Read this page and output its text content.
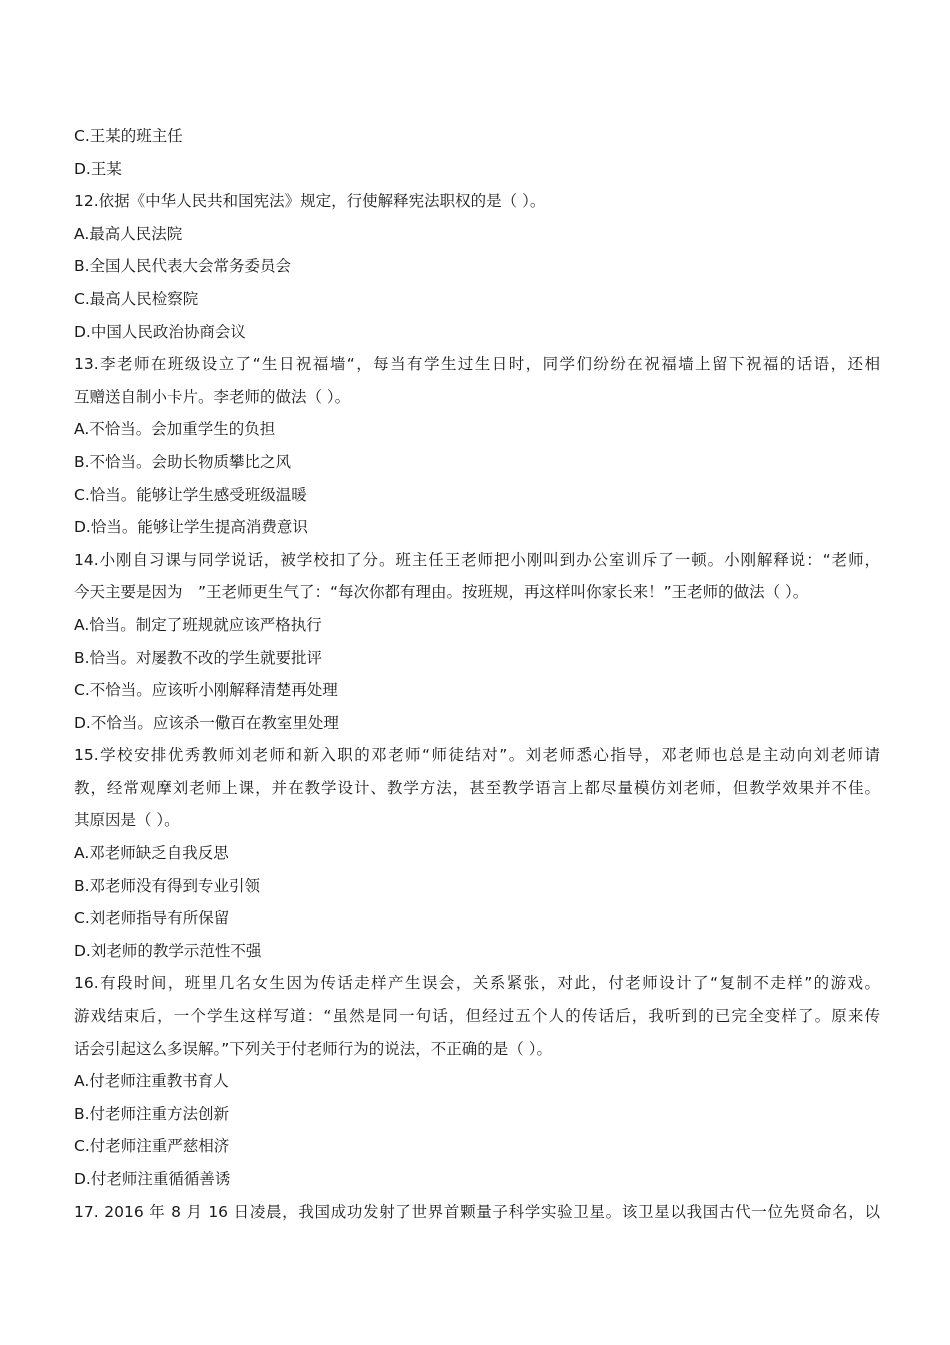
C.王某的班主任

D.王某

12.依据《中华人民共和国宪法》规定，行使解释宪法职权的是（ ）。

A.最高人民法院

B.全国人民代表大会常务委员会

C.最高人民检察院

D.中国人民政治协商会议

13.李老师在班级设立了“生日祝福墙“，每当有学生过生日时，同学们纷纷在祝福墙上留下祝福的话语，还相

互赠送自制小卡片。李老师的做法（ ）。

A.不恰当。会加重学生的负担

B.不恰当。会助长物质攀比之风

C.恰当。能够让学生感受班级温暖

D.恰当。能够让学生提高消费意识

14.小刚自习课与同学说话，被学校扣了分。班主任王老师把小刚叫到办公室训斥了一顿。小刚解释说：“老师，

今天主要是因为　”王老师更生气了：“每次你都有理由。按班规，再这样叫你家长来！”王老师的做法（ ）。

A.恰当。制定了班规就应该严格执行

B.恰当。对屡教不改的学生就要批评

C.不恰当。应该听小刚解释清楚再处理

D.不恰当。应该杀一儆百在教室里处理

15.学校安排优秀教师刘老师和新入职的邓老师“师徒结对”。刘老师悉心指导，邓老师也总是主动向刘老师请

教，经常观摩刘老师上课，并在教学设计、教学方法，甚至教学语言上都尽量模仿刘老师，但教学效果并不佳。

其原因是（ ）。

A.邓老师缺乏自我反思

B.邓老师没有得到专业引领

C.刘老师指导有所保留

D.刘老师的教学示范性不强

16.有段时间，班里几名女生因为传话走样产生误会，关系紧张，对此，付老师设计了“复制不走样”的游戏。

游戏结束后，一个学生这样写道：“虽然是同一句话，但经过五个人的传话后，我听到的已完全变样了。原来传

话会引起这么多误解。”下列关于付老师行为的说法，不正确的是（ ）。

A.付老师注重教书育人

B.付老师注重方法创新

C.付老师注重严慈相济

D.付老师注重循循善诱

17. 2016 年 8 月 16 日凌晨，我国成功发射了世界首颗量子科学实验卫星。该卫星以我国古代一位先贤命名，以
